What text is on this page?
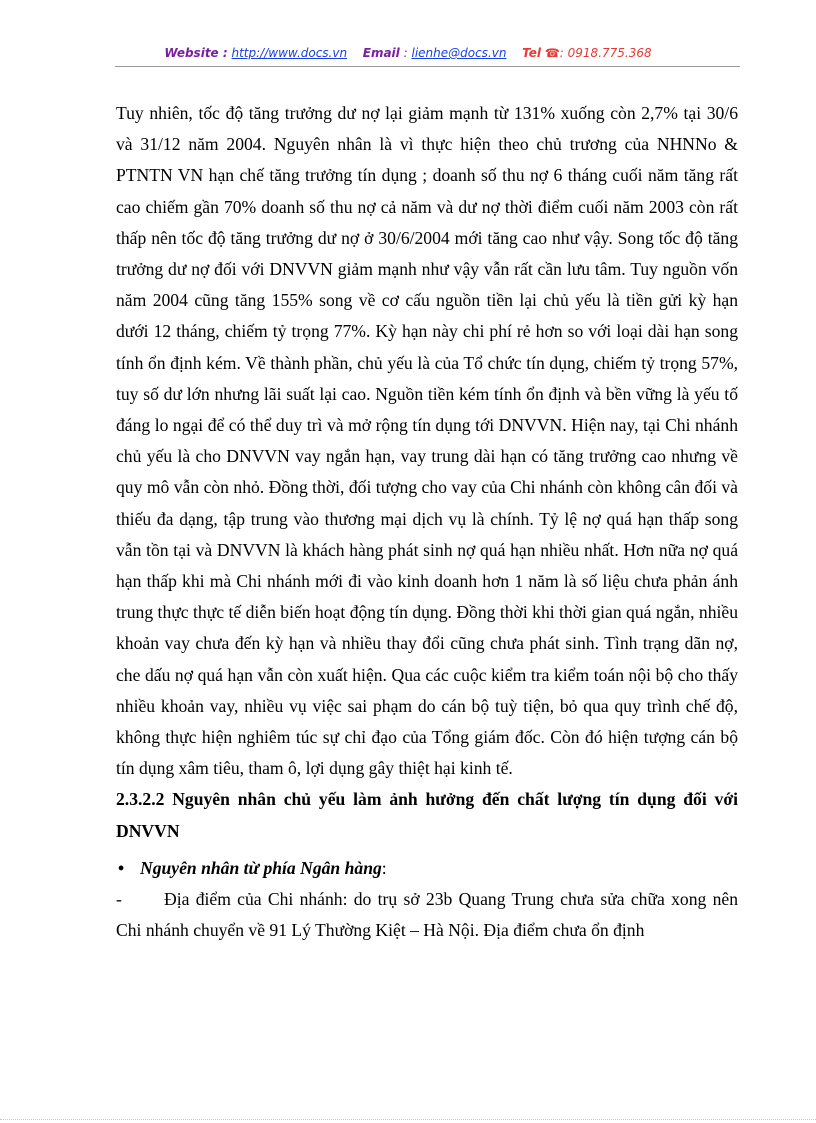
Website : http://www.docs.vn Email : lienhe@docs.vn Tel ☎: 0918.775.368

Tuy nhiên, tốc độ tăng trưởng dư nợ lại giảm mạnh từ 131% xuống còn 2,7% tại 30/6 và 31/12 năm 2004. Nguyên nhân là vì thực hiện theo chủ trương của NHNNo & PTNTN VN hạn chế tăng trưởng tín dụng ; doanh số thu nợ 6 tháng cuối năm tăng rất cao chiếm gần 70% doanh số thu nợ cả năm và dư nợ thời điểm cuối năm 2003 còn rất thấp nên tốc độ tăng trưởng dư nợ ở 30/6/2004 mới tăng cao như vậy. Song tốc độ tăng trưởng dư nợ đối với DNVVN giảm mạnh như vậy vẫn rất cần lưu tâm. Tuy nguồn vốn năm 2004 cũng tăng 155% song về cơ cấu nguồn tiền lại chủ yếu là tiền gửi kỳ hạn dưới 12 tháng, chiếm tỷ trọng 77%. Kỳ hạn này chi phí rẻ hơn so với loại dài hạn song tính ổn định kém. Về thành phần, chủ yếu là của Tổ chức tín dụng, chiếm tỷ trọng 57%, tuy số dư lớn nhưng lãi suất lại cao. Nguồn tiền kém tính ổn định và bền vững là yếu tố đáng lo ngại để có thể duy trì và mở rộng tín dụng tới DNVVN. Hiện nay, tại Chi nhánh chủ yếu là cho DNVVN vay ngắn hạn, vay trung dài hạn có tăng trưởng cao nhưng về quy mô vẫn còn nhỏ. Đồng thời, đối tượng cho vay của Chi nhánh còn không cân đối và thiếu đa dạng, tập trung vào thương mại dịch vụ là chính. Tỷ lệ nợ quá hạn thấp song vẫn tồn tại và DNVVN là khách hàng phát sinh nợ quá hạn nhiều nhất. Hơn nữa nợ quá hạn thấp khi mà Chi nhánh mới đi vào kinh doanh hơn 1 năm là số liệu chưa phản ánh trung thực thực tế diễn biến hoạt động tín dụng. Đồng thời khi thời gian quá ngắn, nhiều khoản vay chưa đến kỳ hạn và nhiều thay đổi cũng chưa phát sinh. Tình trạng dãn nợ, che dấu nợ quá hạn vẫn còn xuất hiện. Qua các cuộc kiểm tra kiểm toán nội bộ cho thấy nhiều khoản vay, nhiều vụ việc sai phạm do cán bộ tuỳ tiện, bỏ qua quy trình chế độ, không thực hiện nghiêm túc sự chỉ đạo của Tổng giám đốc. Còn đó hiện tượng cán bộ tín dụng xâm tiêu, tham ô, lợi dụng gây thiệt hại kinh tế.

2.3.2.2 Nguyên nhân chủ yếu làm ảnh hưởng đến chất lượng tín dụng đối với DNVVN

• Nguyên nhân từ phía Ngân hàng:

- Địa điểm của Chi nhánh: do trụ sở 23b Quang Trung chưa sửa chữa xong nên Chi nhánh chuyển về 91 Lý Thường Kiệt – Hà Nội. Địa điểm chưa ổn định
